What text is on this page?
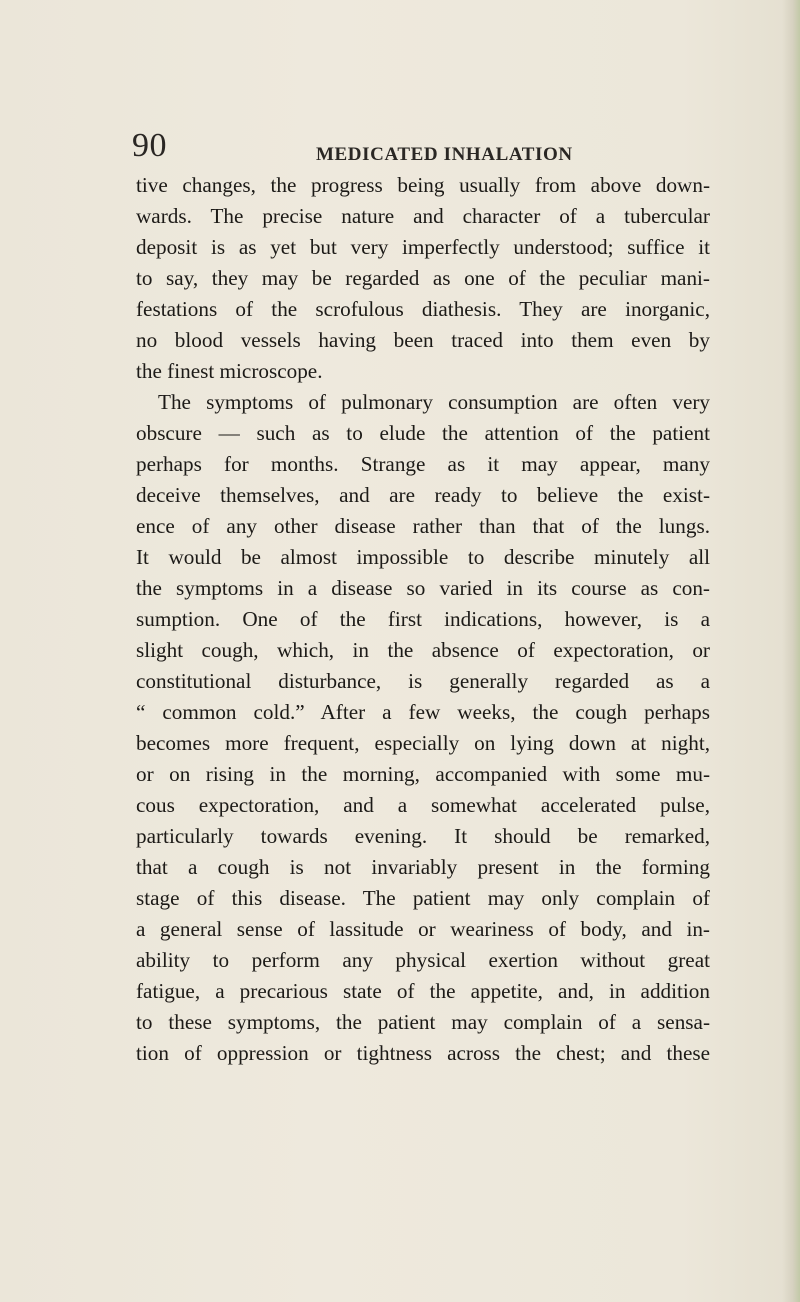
90	MEDICATED INHALATION
tive changes, the progress being usually from above down-
wards. The precise nature and character of a tubercular
deposit is as yet but very imperfectly understood; suffice it
to say, they may be regarded as one of the peculiar mani-
festations of the scrofulous diathesis. They are inorganic,
no blood vessels having been traced into them even by
the finest microscope.
The symptoms of pulmonary consumption are often very
obscure — such as to elude the attention of the patient
perhaps for months. Strange as it may appear, many
deceive themselves, and are ready to believe the exist-
ence of any other disease rather than that of the lungs.
It would be almost impossible to describe minutely all
the symptoms in a disease so varied in its course as con-
sumption. One of the first indications, however, is a
slight cough, which, in the absence of expectoration, or
constitutional disturbance, is generally regarded as a
“ common cold.” After a few weeks, the cough perhaps
becomes more frequent, especially on lying down at night,
or on rising in the morning, accompanied with some mu-
cous expectoration, and a somewhat accelerated pulse,
particularly towards evening. It should be remarked,
that a cough is not invariably present in the forming
stage of this disease. The patient may only complain of
a general sense of lassitude or weariness of body, and in-
ability to perform any physical exertion without great
fatigue, a precarious state of the appetite, and, in addition
to these symptoms, the patient may complain of a sensa-
tion of oppression or tightness across the chest; and these
